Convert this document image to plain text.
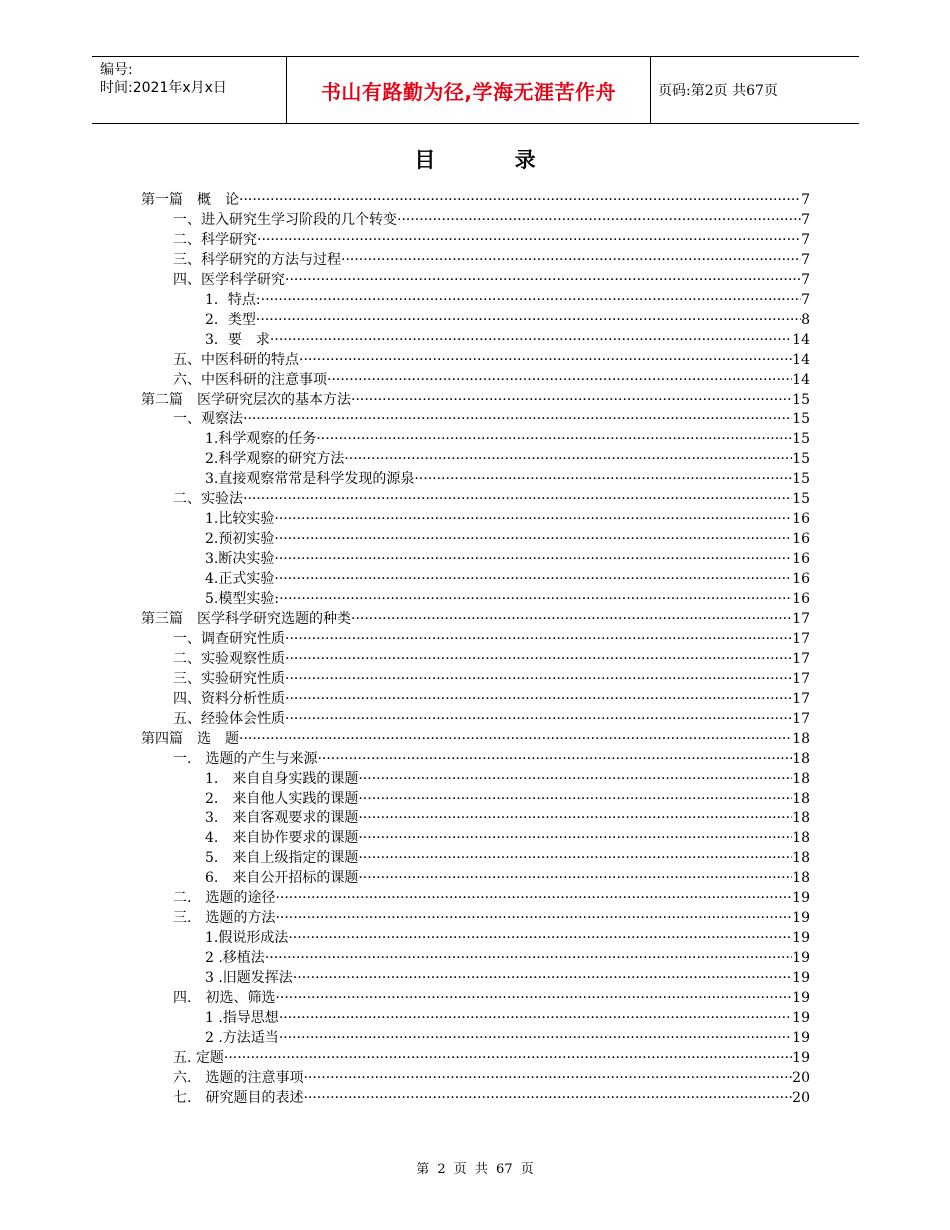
编号:
时间:2021年x月x日	书山有路勤为径,学海无涯苦作舟	页码:第2页 共67页
目 录
第一篇　概　论 ·····	7
一、进入研究生学习阶段的几个转变 ·····	7
二、科学研究 ·····	7
三、科学研究的方法与过程 ·····	7
四、医学科学研究 ·····	7
1．特点: ·····	7
2．类型 ·····	8
3．要　求 ·····	14
五、中医科研的特点 ·····	14
六、中医科研的注意事项 ·····	14
第二篇　医学研究层次的基本方法 ·····	15
一、观察法 ·····	15
1.科学观察的任务 ·····	15
2.科学观察的研究方法 ·····	15
3.直接观察常常是科学发现的源泉 ·····	15
二、实验法 ·····	15
1.比较实验 ·····	16
2.预初实验 ·····	16
3.断决实验 ·····	16
4.正式实验 ·····	16
5.模型实验: ·····	16
第三篇　医学科学研究选题的种类 ·····	17
一、调查研究性质 ·····	17
二、实验观察性质 ·····	17
三、实验研究性质 ·····	17
四、资料分析性质 ·····	17
五、经验体会性质 ·····	17
第四篇　选　题 ·····	18
一.　选题的产生与来源 ·····	18
1.　来自自身实践的课题 ·····	18
2.　来自他人实践的课题 ·····	18
3.　来自客观要求的课题 ·····	18
4.　来自协作要求的课题 ·····	18
5.　来自上级指定的课题 ·····	18
6.　来自公开招标的课题 ·····	18
二.　选题的途径 ·····	19
三.　选题的方法 ·····	19
1.假说形成法 ·····	19
2 .移植法 ·····	19
3 .旧题发挥法 ·····	19
四.　初选、筛选 ·····	19
1 .指导思想 ·····	19
2 .方法适当 ·····	19
五. 定题 ·····	19
六.　选题的注意事项 ·····	20
七.　研究题目的表述 ·····	20
第 2 页 共 67 页
